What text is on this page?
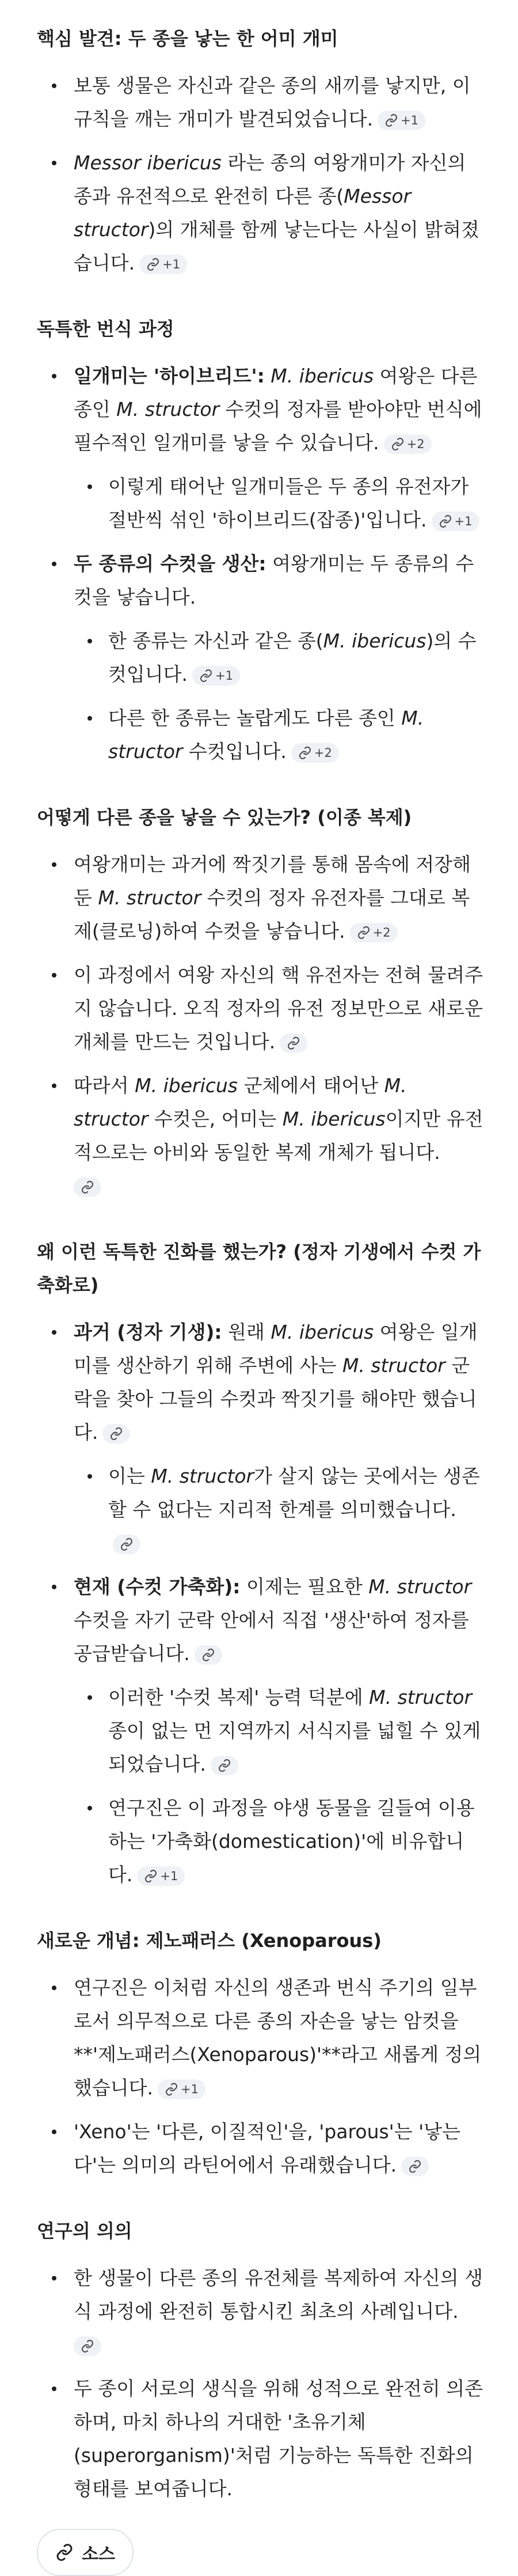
핵심 발견: 두 종을 낳는 한 어미 개미
보통 생물은 자신과 같은 종의 새끼를 낳지만, 이 규칙을 깨는 개미가 발견되었습니다. +1
Messor ibericus 라는 종의 여왕개미가 자신의 종과 유전적으로 완전히 다른 종(Messor structor)의 개체를 함께 낳는다는 사실이 밝혀졌습니다. +1
독특한 번식 과정
일개미는 '하이브리드': M. ibericus 여왕은 다른 종인 M. structor 수컷의 정자를 받아야만 번식에 필수적인 일개미를 낳을 수 있습니다. +2
이렇게 태어난 일개미들은 두 종의 유전자가 절반씩 섞인 '하이브리드(잡종)'입니다. +1
두 종류의 수컷을 생산: 여왕개미는 두 종류의 수컷을 낳습니다.
한 종류는 자신과 같은 종(M. ibericus)의 수컷입니다. +1
다른 한 종류는 놀랍게도 다른 종인 M. structor 수컷입니다. +2
어떻게 다른 종을 낳을 수 있는가? (이종 복제)
여왕개미는 과거에 짝짓기를 통해 몸속에 저장해 둔 M. structor 수컷의 정자 유전자를 그대로 복제(클로닝)하여 수컷을 낳습니다. +2
이 과정에서 여왕 자신의 핵 유전자는 전혀 물려주지 않습니다. 오직 정자의 유전 정보만으로 새로운 개체를 만드는 것입니다.
따라서 M. ibericus 군체에서 태어난 M. structor 수컷은, 어미는 M. ibericus이지만 유전적으로는 아비와 동일한 복제 개체가 됩니다.

왜 이런 독특한 진화를 했는가? (정자 기생에서 수컷 가축화로)
과거 (정자 기생): 원래 M. ibericus 여왕은 일개미를 생산하기 위해 주변에 사는 M. structor 군락을 찾아 그들의 수컷과 짝짓기를 해야만 했습니다.
이는 M. structor가 살지 않는 곳에서는 생존할 수 없다는 지리적 한계를 의미했습니다.
현재 (수컷 가축화): 이제는 필요한 M. structor 수컷을 자기 군락 안에서 직접 '생산'하여 정자를 공급받습니다.
이러한 '수컷 복제' 능력 덕분에 M. structor 종이 없는 먼 지역까지 서식지를 넓힐 수 있게 되었습니다.
연구진은 이 과정을 야생 동물을 길들여 이용하는 '가축화(domestication)'에 비유합니다. +1
새로운 개념: 제노패러스 (Xenoparous)
연구진은 이처럼 자신의 생존과 번식 주기의 일부로서 의무적으로 다른 종의 자손을 낳는 암컷을 **'제노패러스(Xenoparous)'**라고 새롭게 정의했습니다. +1
'Xeno'는 '다른, 이질적인'을, 'parous'는 '낳는다'는 의미의 라틴어에서 유래했습니다.
연구의 의의
한 생물이 다른 종의 유전체를 복제하여 자신의 생식 과정에 완전히 통합시킨 최초의 사례입니다.

두 종이 서로의 생식을 위해 성적으로 완전히 의존하며, 마치 하나의 거대한 '초유기체(superorganism)'처럼 기능하는 독특한 진화의 형태를 보여줍니다.
소스
